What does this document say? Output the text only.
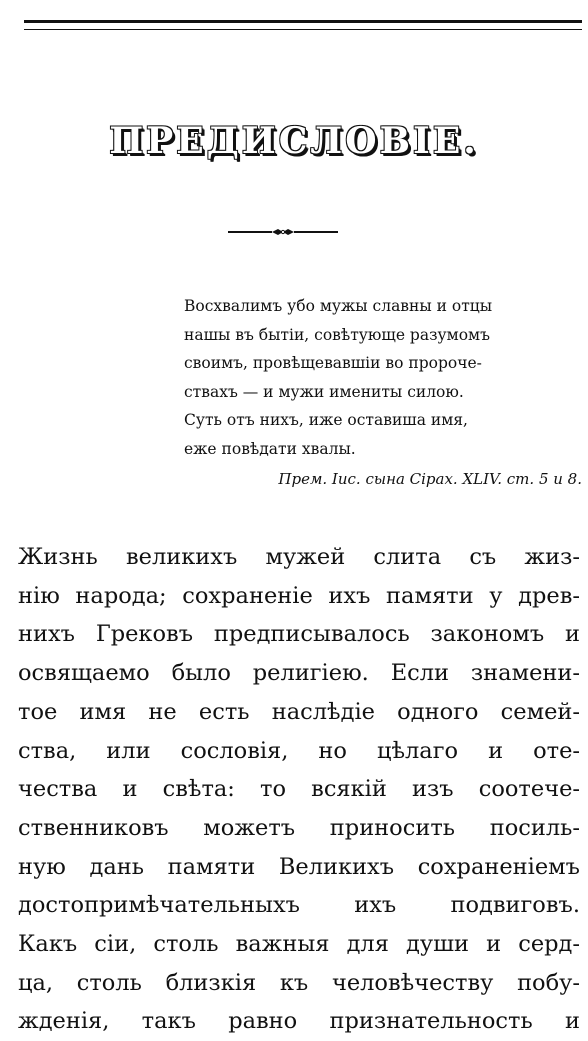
ПРЕДИСЛОВІЕ.
Восхвалимъ убо мужы славны и отцы
нашы въ бытіи, совѣтующе разумомъ
своимъ, провѣщевавшіи во пророче-
ствахъ — и мужи имениты силою.
Суть отъ нихъ, иже оставиша имя,
еже повѣдати хвалы.
Прем. Іис. сына Сірах. XLIV. ст. 5 и 8.
Жизнь великихъ мужей слита съ жиз-
нію народа; сохраненіе ихъ памяти у древ-
нихъ Грековъ предписывалось закономъ и
освящаемо было религіею. Если знамени-
тое имя не есть наслѣдіе одного семей-
ства, или сословія, но цѣлаго и оте-
чества и свѣта: то всякій изъ соотече-
ственниковъ можетъ приносить посиль-
ную дань памяти Великихъ сохраненіемъ
достопримѣчательныхъ ихъ подвиговъ.
Какъ сіи, столь важныя для души и серд-
ца, столь близкія къ человѣчеству побу-
жденія, такъ равно признательность и
